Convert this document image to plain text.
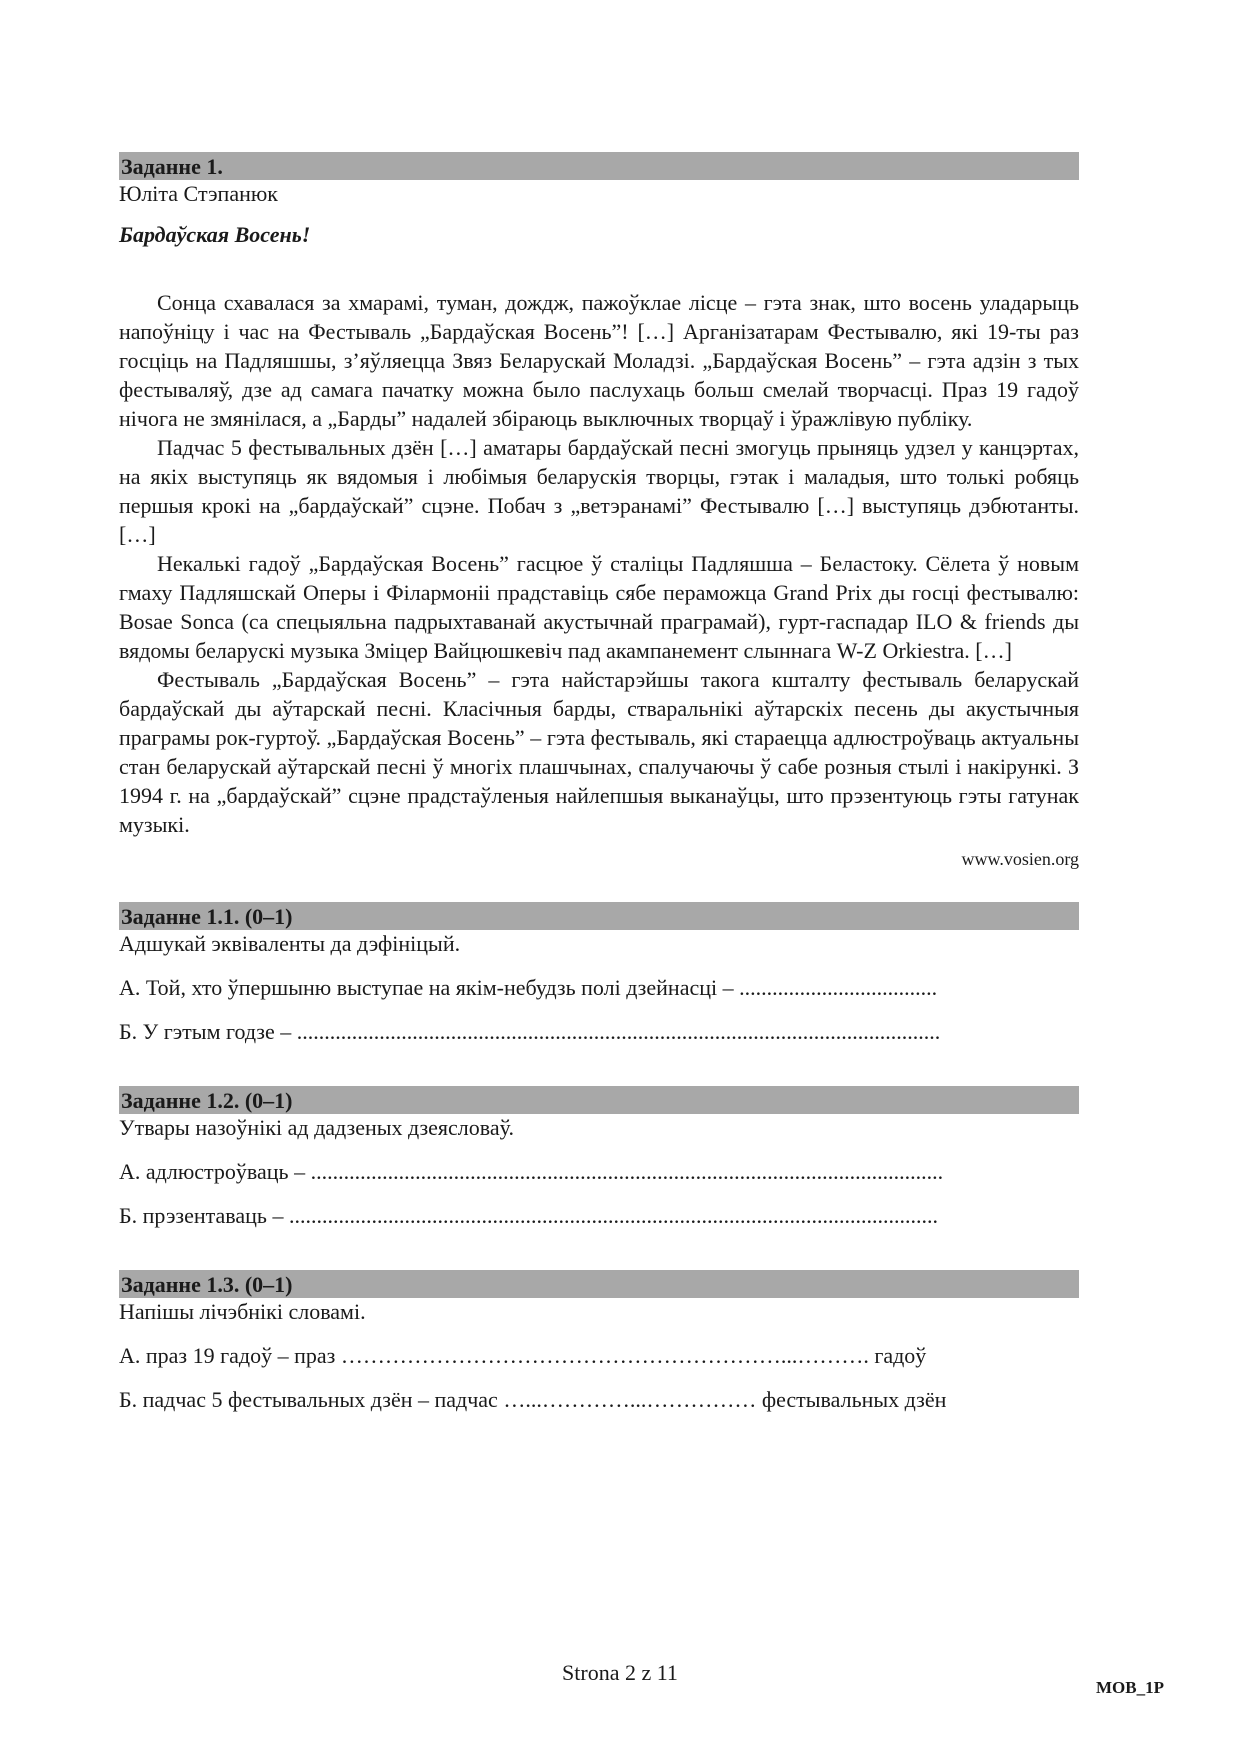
Заданне 1.
Юліта Стэпанюк
Бардаўская Восень!

Сонца схавалася за хмарамі, туман, дождж, пажоўклае лісце – гэта знак, што восень уладарыць напоўніцу і час на Фестываль „Бардаўская Восень”! […] Арганізатарам Фестывалю, які 19-ты раз госціць на Падляшшы, з’яўляецца Звяз Беларускай Моладзі. „Бардаўская Восень” – гэта адзін з тых фестываляў, дзе ад самага пачатку можна было паслухаць больш смелай творчасці. Праз 19 гадоў нічога не змянілася, а „Барды” надалей збіраюць выключных творцаў і ўражлівую публіку.

Падчас 5 фестывальных дзён […] аматары бардаўскай песні змогуць прыняць удзел у канцэртах, на якіх выступяць як вядомыя і любімыя беларускія творцы, гэтак і маладыя, што толькі робяць першыя крокі на „бардаўскай” сцэне. Побач з „ветэранамі” Фестывалю […] выступяць дэбютанты. […]

Некалькі гадоў „Бардаўская Восень” гасцюе ў сталіцы Падляшша – Беластоку. Сёлета ў новым гмаху Падляшскай Оперы і Філармоніі прадставіць сябе пераможца Grand Prix ды госці фестывалю: Bosae Sonca (са спецыяльна падрыхтаванай акустычнай праграмай), гурт-гаспадар ILO & friends ды вядомы беларускі музыка Зміцер Вайцюшкевіч пад акампанемент слыннага W-Z Orkiestra. […]

Фестываль „Бардаўская Восень” – гэта найстарэйшы такога кшталту фестываль беларускай бардаўскай ды аўтарскай песні. Класічныя барды, стваральнікі аўтарскіх песень ды акустычныя праграмы рок-гуртоў. „Бардаўская Восень” – гэта фестываль, які стараецца адлюстроўваць актуальны стан беларускай аўтарскай песні ў многіх плашчынах, спалучаючы ў сабе розныя стылі і накірункі. З 1994 г. на „бардаўскай” сцэне прадстаўленыя найлепшыя выканаўцы, што прэзентуюць гэты гатунак музыкі.

www.vosien.org
Заданне 1.1. (0–1)
Адшукай эквіваленты да дэфініцый.
А. Той, хто ўпершыню выступае на якім-небудзь полі дзейнасці – ....................................
Б. У гэтым годзе – .....................................................................................................................
Заданне 1.2. (0–1)
Утвары назоўнікі ад дадзеных дзеясловаў.
А. адлюстроўваць – ...................................................................................................................
Б. прэзентаваць – ......................................................................................................................
Заданне 1.3. (0–1)
Напішы лічэбнікі словамі.
А. праз 19 гадоў – праз ……………………………………………………...………. гадоў
Б. падчас 5 фестывальных дзён – падчас …...…………...…………… фестывальных дзён
Strona 2 z 11
MOB_1P
